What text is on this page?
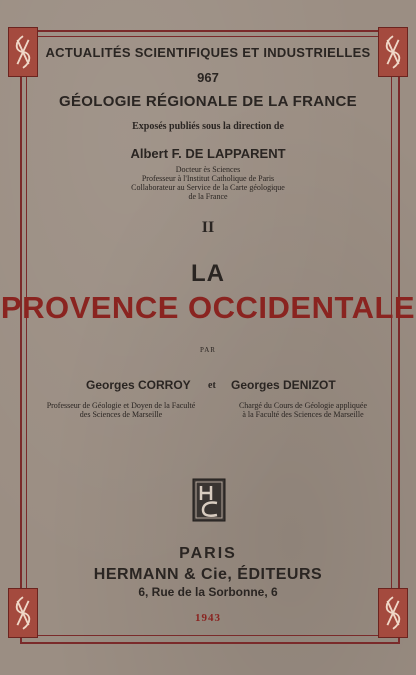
ACTUALITÉS SCIENTIFIQUES ET INDUSTRIELLES
967
GÉOLOGIE RÉGIONALE DE LA FRANCE
Exposés publiés sous la direction de
Albert F. DE LAPPARENT
Docteur ès Sciences
Professeur à l'Institut Catholique de Paris
Collaborateur au Service de la Carte géologique
de la France
II
LA
PROVENCE OCCIDENTALE
PAR
Georges CORROY et Georges DENIZOT
Professeur de Géologie et Doyen de la Faculté
des Sciences de Marseille
Chargé du Cours de Géologie appliquée
à la Faculté des Sciences de Marseille
PARIS
HERMANN & Cie, ÉDITEURS
6, Rue de la Sorbonne, 6
1943
